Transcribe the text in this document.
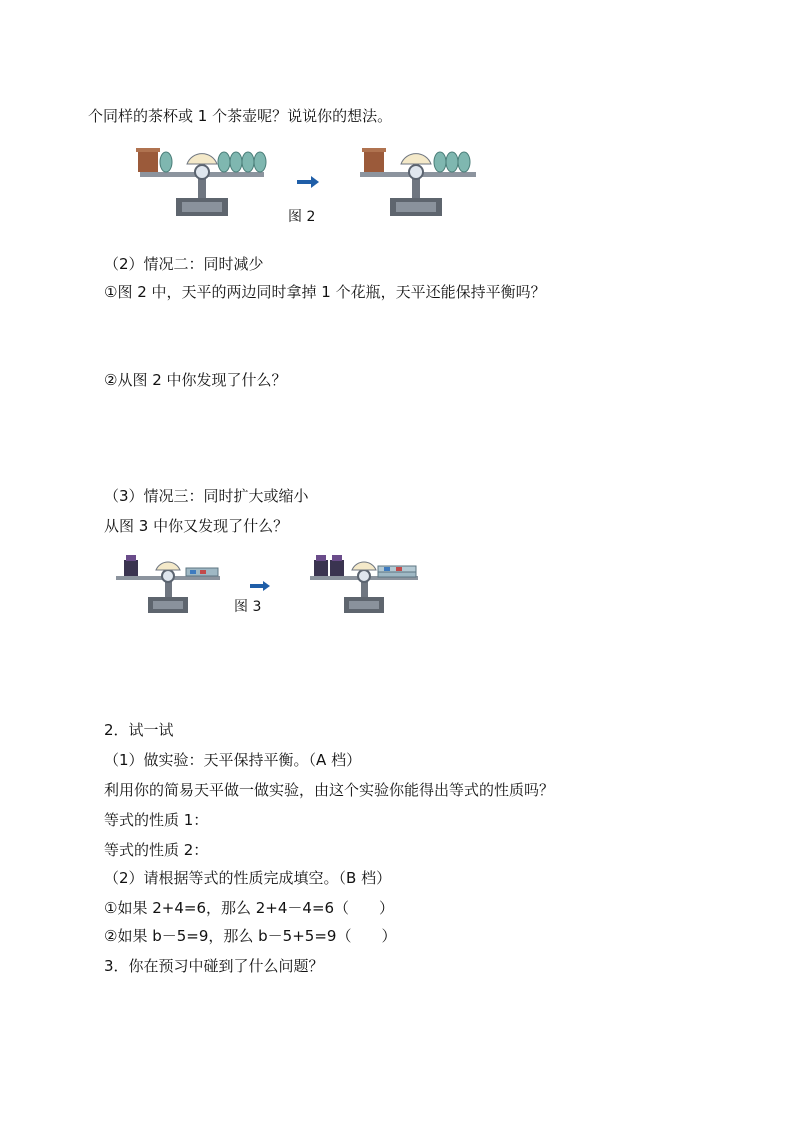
个同样的茶杯或 1 个茶壶呢？说说你的想法。
图 2
（2）情况二：同时减少
①图 2 中，天平的两边同时拿掉 1 个花瓶，天平还能保持平衡吗？
②从图 2 中你发现了什么？
（3）情况三：同时扩大或缩小
从图 3 中你又发现了什么？
图 3
2．试一试
（1）做实验：天平保持平衡。（A 档）
利用你的简易天平做一做实验，由这个实验你能得出等式的性质吗？
等式的性质 1：
等式的性质 2：
（2）请根据等式的性质完成填空。（B 档）
①如果 2+4=6，那么 2+4－4=6（　　）
②如果 b－5=9，那么 b－5+5=9（　　）
3．你在预习中碰到了什么问题？
